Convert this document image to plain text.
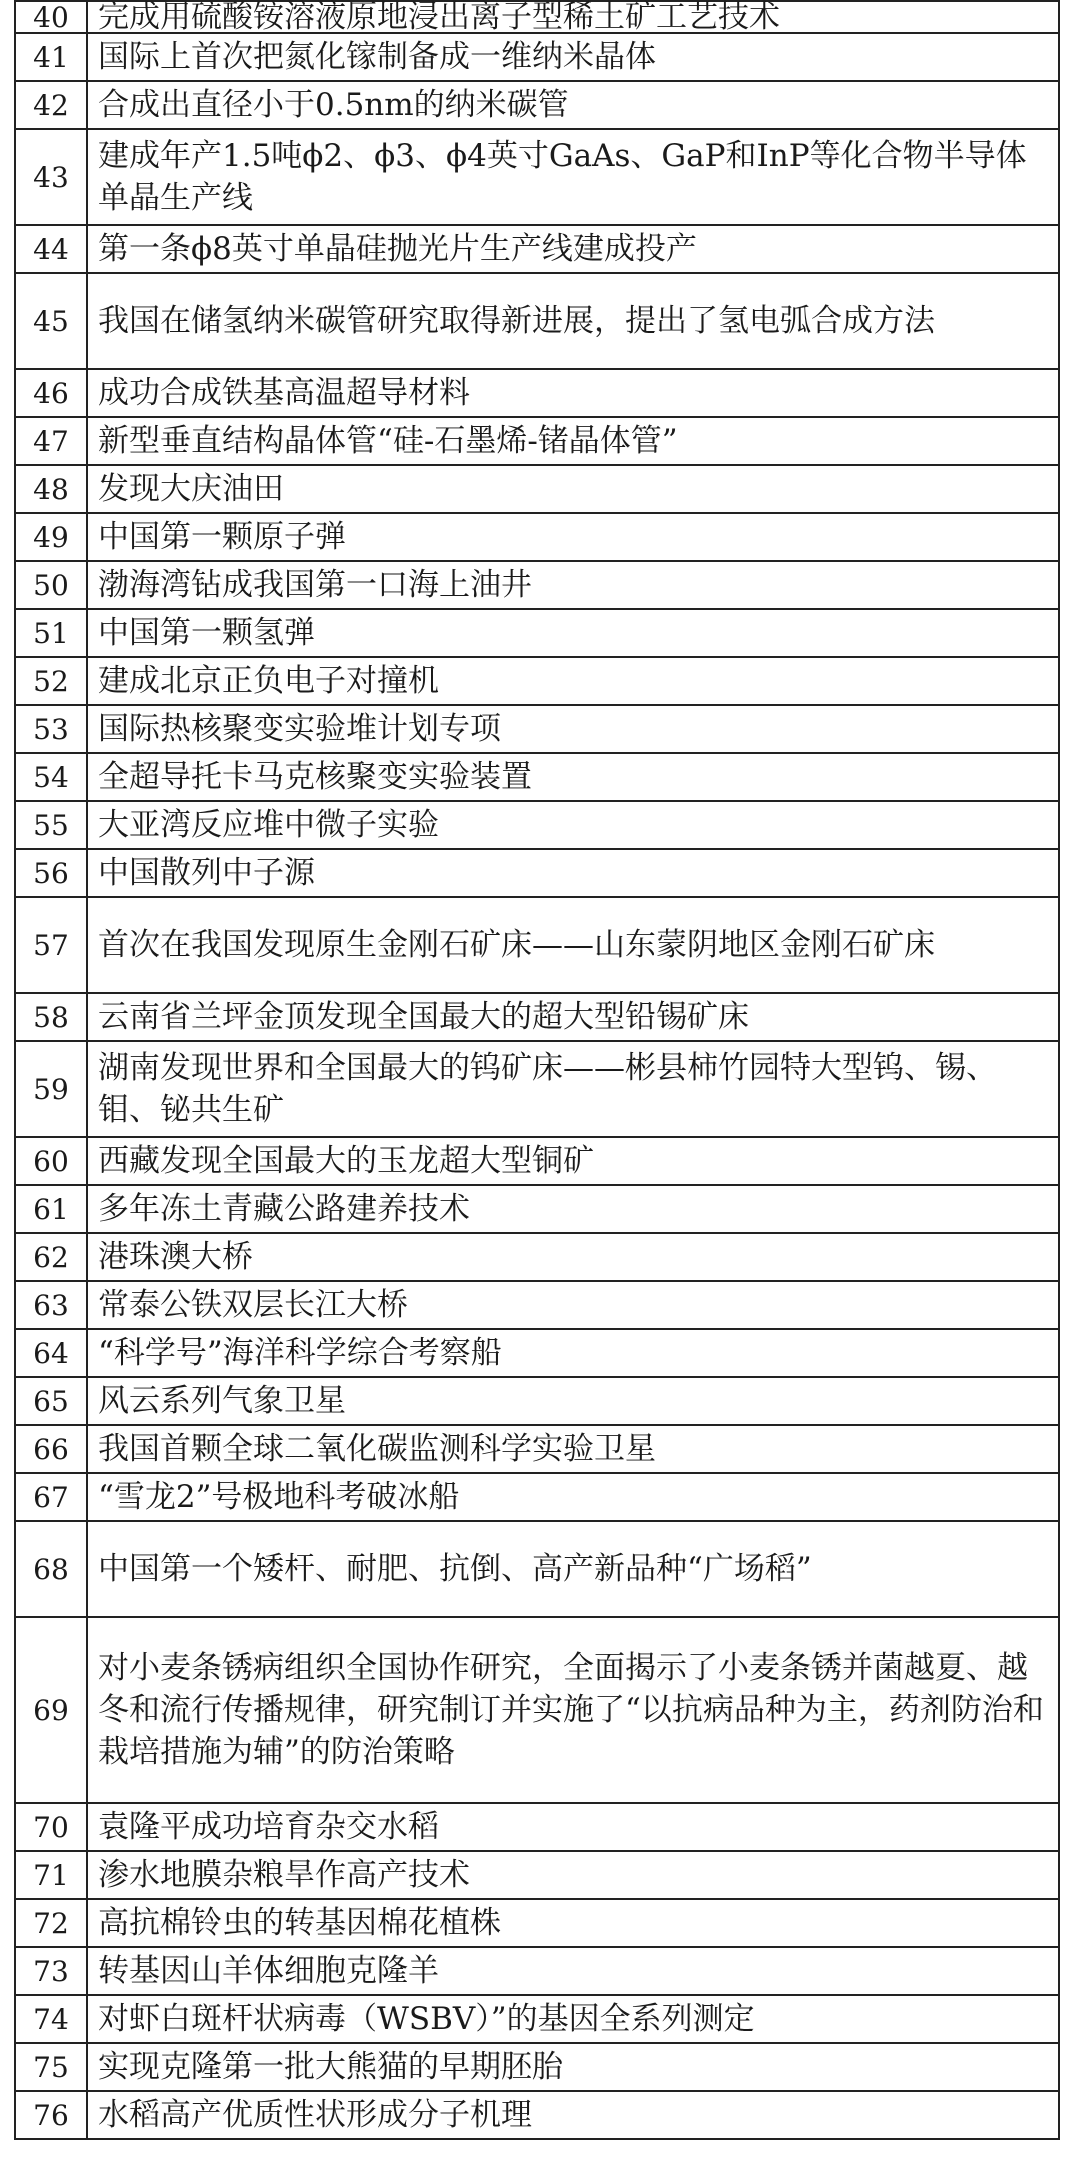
40 完成用硫酸铵溶液原地浸出离子型稀土矿工艺技术
41 国际上首次把氮化镓制备成一维纳米晶体
42 合成出直径小于0.5nm的纳米碳管
43
建成年产1.5吨ϕ2、ϕ3、ϕ4英寸GaAs、GaP和InP等化合物半导体单晶生产线
44 第一条ϕ8英寸单晶硅抛光片生产线建成投产
45 我国在储氢纳米碳管研究取得新进展，提出了氢电弧合成方法
46 成功合成铁基高温超导材料
47 新型垂直结构晶体管“硅-石墨烯-锗晶体管”
48 发现大庆油田
49 中国第一颗原子弹
50 渤海湾钻成我国第一口海上油井
51 中国第一颗氢弹
52 建成北京正负电子对撞机
53 国际热核聚变实验堆计划专项
54 全超导托卡马克核聚变实验装置
55 大亚湾反应堆中微子实验
56 中国散列中子源
57 首次在我国发现原生金刚石矿床——山东蒙阴地区金刚石矿床
58 云南省兰坪金顶发现全国最大的超大型铅锡矿床
59
湖南发现世界和全国最大的钨矿床——彬县柿竹园特大型钨、锡、钼、铋共生矿
60 西藏发现全国最大的玉龙超大型铜矿
61 多年冻土青藏公路建养技术
62 港珠澳大桥
63 常泰公铁双层长江大桥
64 “科学号”海洋科学综合考察船
65 风云系列气象卫星
66 我国首颗全球二氧化碳监测科学实验卫星
67 “雪龙2”号极地科考破冰船
68 中国第一个矮杆、耐肥、抗倒、高产新品种“广场稻”
69
对小麦条锈病组织全国协作研究，全面揭示了小麦条锈并菌越夏、越冬和流行传播规律，研究制订并实施了“以抗病品种为主，药剂防治和栽培措施为辅”的防治策略
70 袁隆平成功培育杂交水稻
71 渗水地膜杂粮旱作高产技术
72 高抗棉铃虫的转基因棉花植株
73 转基因山羊体细胞克隆羊
74 对虾白斑杆状病毒（WSBV）”的基因全系列测定
75 实现克隆第一批大熊猫的早期胚胎
76 水稻高产优质性状形成分子机理
